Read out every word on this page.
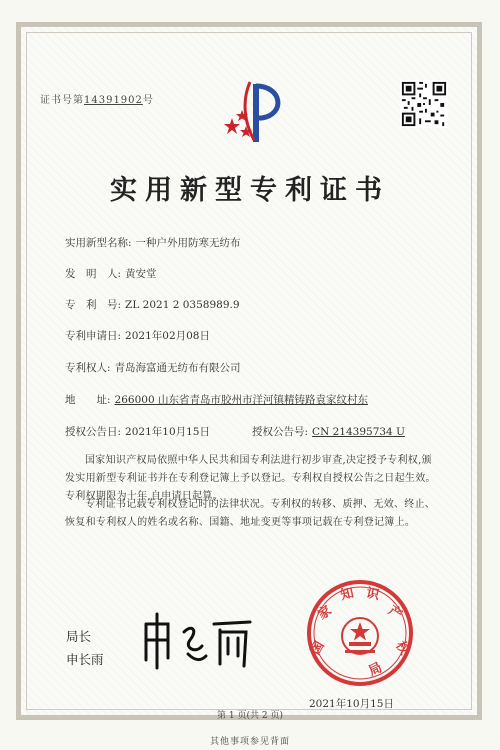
证书号第14391902号
实用新型专利证书
实用新型名称: 一种户外用防寒无纺布
发　明　人: 黄安堂
专　利　号: ZL 2021 2 0358989.9
专利申请日: 2021年02月08日
专利权人: 青岛海富通无纺布有限公司
地　　址: 266000 山东省青岛市胶州市洋河镇精铸路袁家纹村东
授权公告日: 2021年10月15日	授权公告号: CN 214395734 U
国家知识产权局依照中华人民共和国专利法进行初步审查,决定授予专利权,颁发实用新型专利证书并在专利登记簿上予以登记。专利权自授权公告之日起生效。专利权期限为十年,自申请日起算。
专利证书记载专利权登记时的法律状况。专利权的转移、质押、无效、终止、恢复和专利权人的姓名或名称、国籍、地址变更等事项记载在专利登记簿上。
局长
申长雨
国
家
知 识
产
权
局
2021年10月15日
第 1 页(共 2 页)
其他事项参见背面
